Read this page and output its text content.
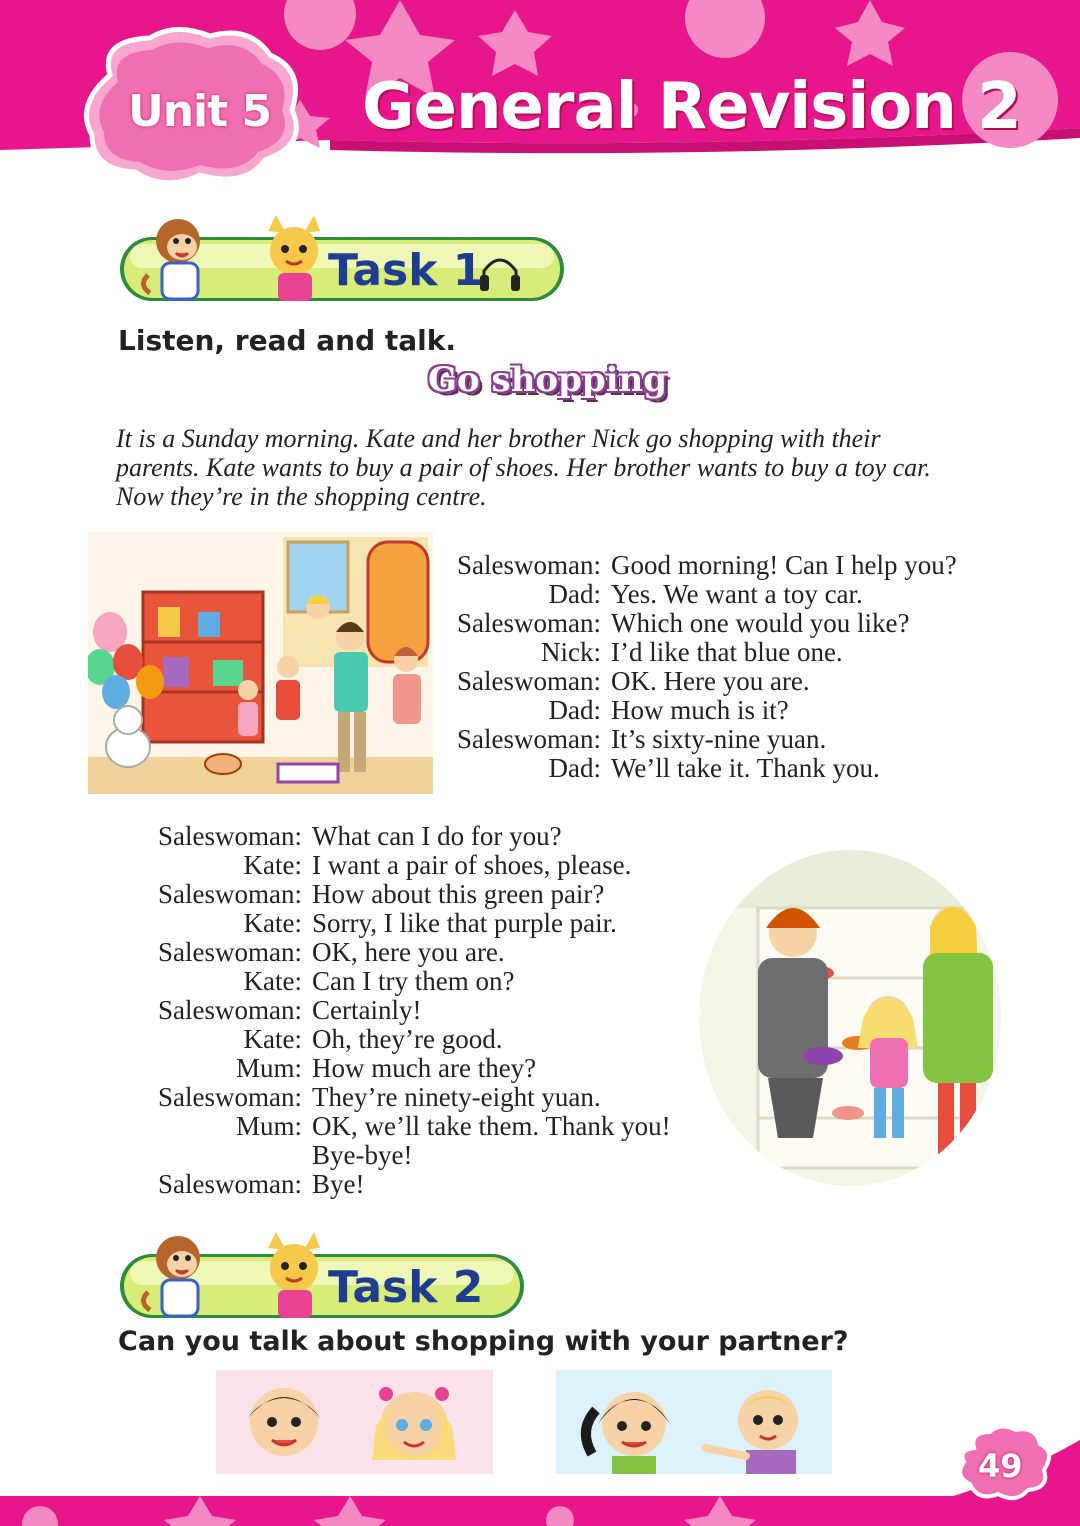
Unit 5 General Revision 2
Task 1
Listen, read and talk.
Go shopping

It is a Sunday morning. Kate and her brother Nick go shopping with their

parents. Kate wants to buy a pair of shoes. Her brother wants to buy a toy car.

Now they’re in the shopping centre.

Saleswoman: Good morning! Can I help you?
Dad: Yes. We want a toy car.
Saleswoman: Which one would you like?
Nick: I’d like that blue one.
Saleswoman: OK. Here you are.
Dad: How much is it?
Saleswoman: It’s sixty-nine yuan.
Dad: We’ll take it. Thank you.
Saleswoman: What can I do for you?
Kate: I want a pair of shoes, please.
Saleswoman: How about this green pair?
Kate: Sorry, I like that purple pair.
Saleswoman: OK, here you are.
Kate: Can I try them on?
Saleswoman: Certainly!
Kate: Oh, they’re good.
Mum: How much are they?
Saleswoman: They’re ninety-eight yuan.
Mum: OK, we’ll take them. Thank you!
Bye-bye!
Saleswoman: Bye!
Task 2
Can you talk about shopping with your partner?
49
